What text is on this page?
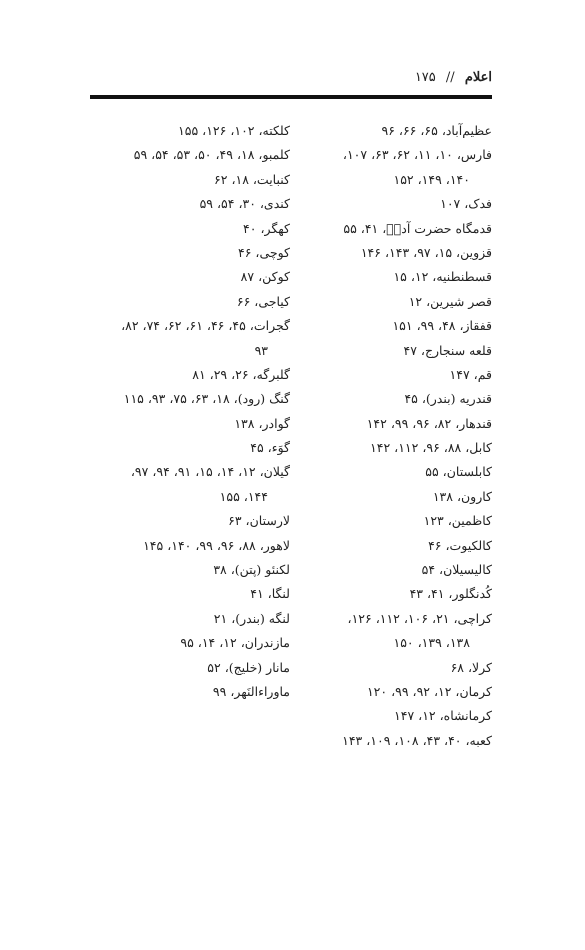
اعلام // ۱۷۵
عظیم‌آباد، ۶۵، ۶۶، ۹۶
فارس، ۱۰، ۱۱، ۶۲، ۶۳، ۱۰۷،
۱۴۰، ۱۴۹، ۱۵۲
فدک، ۱۰۷
قدمگاه حضرت آدمؑ، ۴۱، ۵۵
قزوین، ۱۵، ۹۷، ۱۴۳، ۱۴۶
قسطنطنیه، ۱۲، ۱۵
قصر شیرین، ۱۲
قفقاز، ۴۸، ۹۹، ۱۵۱
قلعه سنجارج، ۴۷
قم، ۱۴۷
قندریه (بندر)، ۴۵
قندهار، ۸۲، ۹۶، ۹۹، ۱۴۲
کابل، ۸۸، ۹۶، ۱۱۲، ۱۴۲
کابلستان، ۵۵
کارون، ۱۳۸
کاظمین، ۱۲۳
کالکیوت، ۴۶
کالیسیلان، ۵۴
کُدنگلور، ۴۱، ۴۳
کراچی، ۲۱، ۱۰۶، ۱۱۲، ۱۲۶،
۱۳۸، ۱۳۹، ۱۵۰
کرلا، ۶۸
کرمان، ۱۲، ۹۲، ۹۹، ۱۲۰
کرمانشاه، ۱۲، ۱۴۷
کعبه، ۴۰، ۴۳، ۱۰۸، ۱۰۹، ۱۴۳
کلکته، ۱۰۲، ۱۲۶، ۱۵۵
کلمبو، ۱۸، ۴۹، ۵۰، ۵۳، ۵۴، ۵۹
کنبایت، ۱۸، ۶۲
کندی، ۳۰، ۵۴، ۵۹
کهگر، ۴۰
کوچی، ۴۶
کوکن، ۸۷
کیاجی، ۶۶
گجرات، ۴۵، ۴۶، ۶۱، ۶۲، ۷۴، ۸۲،
۹۳
گلبرگه، ۲۶، ۲۹، ۸۱
گنگ (رود)، ۱۸، ۶۳، ۷۵، ۹۳، ۱۱۵
گوادر، ۱۳۸
گوَء، ۴۵
گیلان، ۱۲، ۱۴، ۱۵، ۹۱، ۹۴، ۹۷،
۱۴۴، ۱۵۵
لارستان، ۶۳
لاهور، ۸۸، ۹۶، ۹۹، ۱۴۰، ۱۴۵
لکنئو (پتن)، ۳۸
لنگا، ۴۱
لنگه (بندر)، ۲۱
مازندران، ۱۲، ۱۴، ۹۵
مانار (خلیج)، ۵۲
ماوراءالنَهر، ۹۹
